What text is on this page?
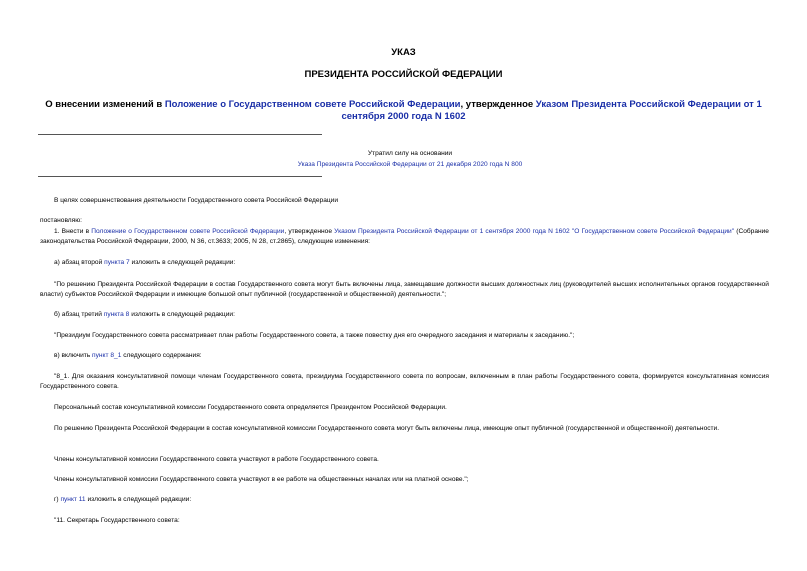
УКАЗ
ПРЕЗИДЕНТА РОССИЙСКОЙ ФЕДЕРАЦИИ
О внесении изменений в Положение о Государственном совете Российской Федерации, утвержденное Указом Президента Российской Федерации от 1 сентября 2000 года N 1602
Утратил силу на основании
Указа Президента Российской Федерации от 21 декабря 2020 года N 800
В целях совершенствования деятельности Государственного совета Российской Федерации
постановляю:
1. Внести в Положение о Государственном совете Российской Федерации, утвержденное Указом Президента Российской Федерации от 1 сентября 2000 года N 1602 "О Государственном совете Российской Федерации" (Собрание законодательства Российской Федерации, 2000, N 36, ст.3633; 2005, N 28, ст.2865), следующие изменения:
а) абзац второй пункта 7 изложить в следующей редакции:
"По решению Президента Российской Федерации в состав Государственного совета могут быть включены лица, замещавшие должности высших должностных лиц (руководителей высших исполнительных органов государственной власти) субъектов Российской Федерации и имеющие большой опыт публичной (государственной и общественной) деятельности.";
б) абзац третий пункта 8 изложить в следующей редакции:
"Президиум Государственного совета рассматривает план работы Государственного совета, а также повестку дня его очередного заседания и материалы к заседанию.";
в) включить пункт 8_1 следующего содержания:
"8_1. Для оказания консультативной помощи членам Государственного совета, президиума Государственного совета по вопросам, включенным в план работы Государственного совета, формируется консультативная комиссия Государственного совета.
Персональный состав консультативной комиссии Государственного совета определяется Президентом Российской Федерации.
По решению Президента Российской Федерации в состав консультативной комиссии Государственного совета могут быть включены лица, имеющие опыт публичной (государственной и общественной) деятельности.
Члены консультативной комиссии Государственного совета участвуют в работе Государственного совета.
Члены консультативной комиссии Государственного совета участвуют в ее работе на общественных началах или на платной основе.";
г) пункт 11 изложить в следующей редакции:
"11. Секретарь Государственного совета:
